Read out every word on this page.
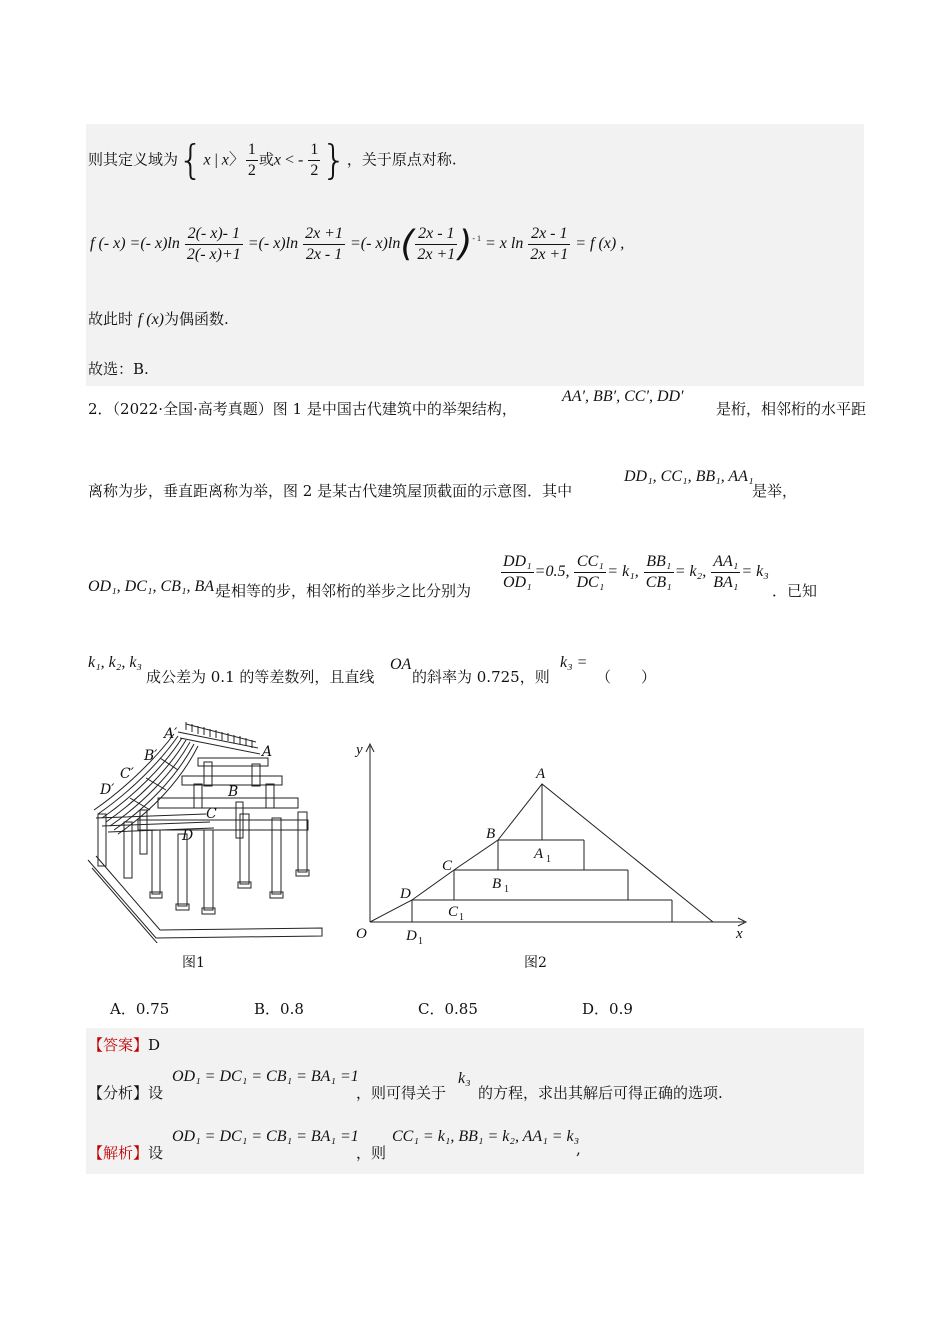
则其定义域为{x | x〉 $\frac{1}{2}$ 或x < - $\frac{1}{2}$ }，关于原点对称.
f (- x) =(- $x)\ln \frac{2(- x)- 1}{2(- x)+1}$ =(- $x)\ln \frac{2x +1}{2x - 1}$ =(- $x)\ln( \frac{2x - 1}{2x +1} )^{- 1} = x$ $\ln \frac{2x - 1}{2x +1} = f$ (x) ,
故此时 f (x)为偶函数.
故选：B.
2．（2022·全国·高考真题）图 1 是中国古代建筑中的举架结构，
AA′, BB′, CC′, DD′
是桁，相邻桁的水平距
离称为步，垂直距离称为举，图 2 是某古代建筑屋顶截面的示意图．其中
DD₁, CC₁, BB₁, AA₁
是举，
OD₁, DC₁, CB₁, BA₁
是相等的步，相邻桁的举步之比分别为 $\frac{\text{DD₁}}{\text{OD₁}} =0.5$, $\frac{\text{CC₁}}{\text{DC₁}} = k_1$, $\frac{\text{BB₁}}{\text{CB₁}} = k_2$, $\frac{\text{AA₁}}{\text{BA₁}} = k_3$
．已知
k₁, k₂, k₃
成公差为 0.1 的等差数列，且直线
OA
的斜率为 0.725，则
k₃ =
（　　）
A′
B′
C′
D′
A
B
C
D
图1
y
x
O
A
B
C
D
A
B
C
D
1
1
1
1
图2
A．0.75	B．0.8	C．0.85	D．0.9
【答案】D
【分析】设
OD₁ = DC₁ = CB₁ = BA₁ =1
，则可得关于
k₃
的方程，求出其解后可得正确的选项.
【解析】设
OD₁ = DC₁ = CB₁ = BA₁ =1
，则
CC₁ = k₁, BB₁ = k₂, AA₁ = k₃
,
